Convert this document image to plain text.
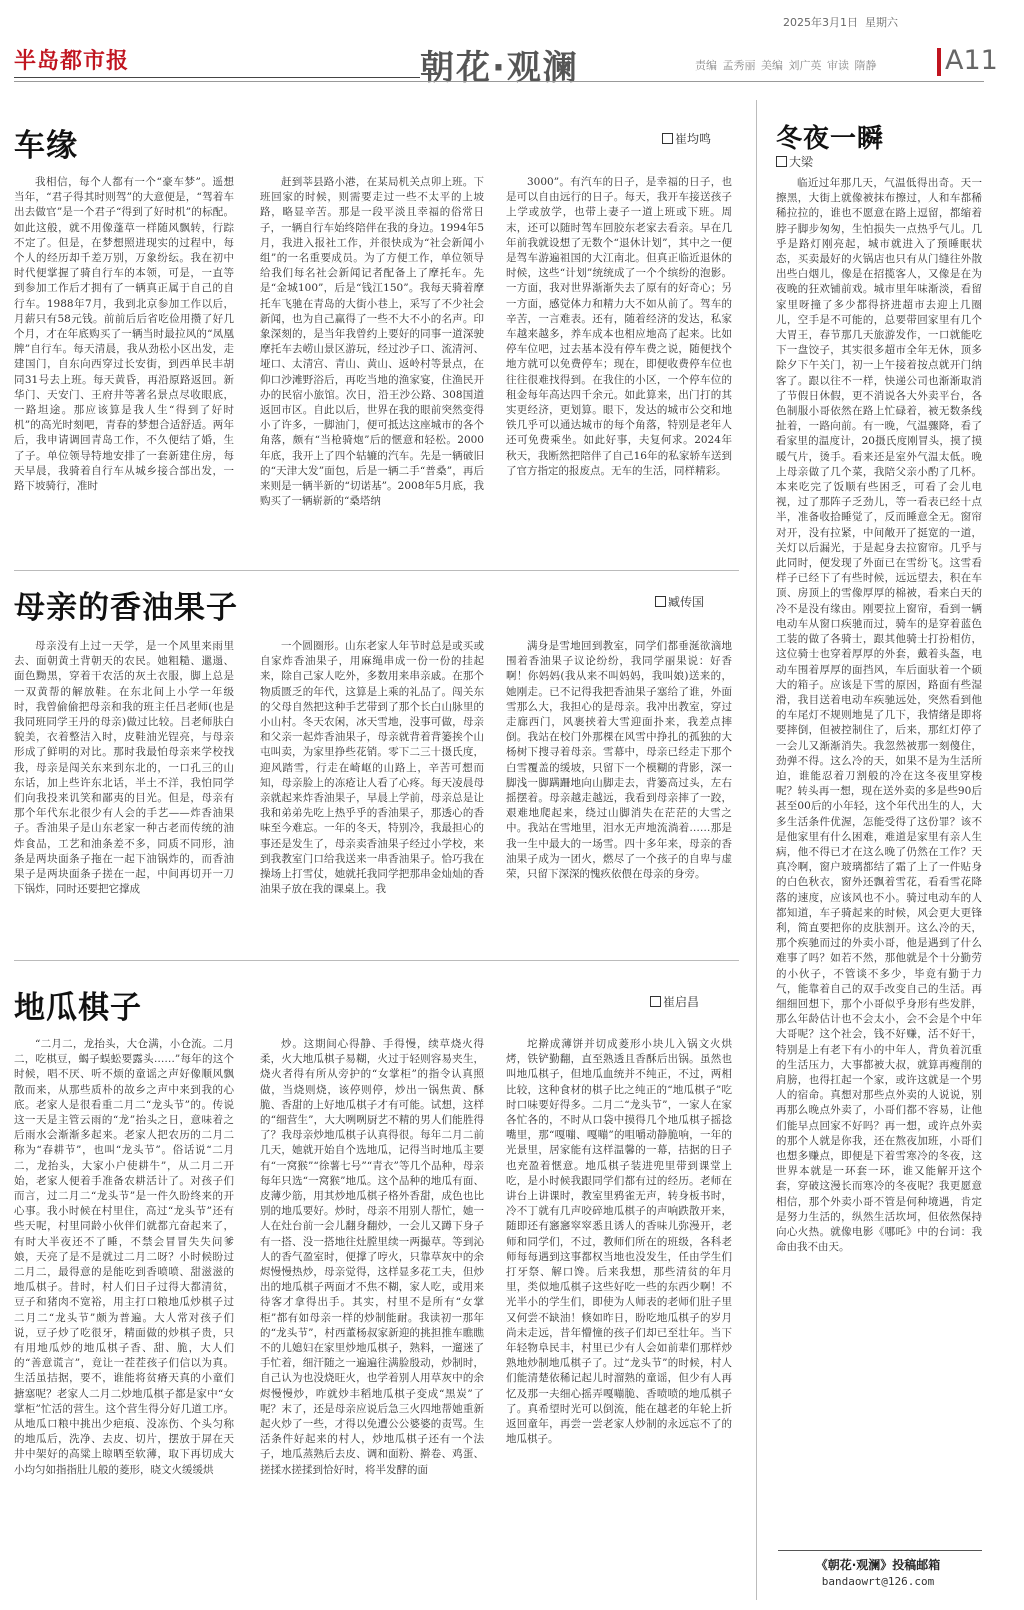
半岛都市报	朝花·观澜
2025年3月1日 星期六
责编 孟秀丽 美编 刘广英 审读 隋静	A11
车缘	崔均鸣

我相信，每个人都有一个“豪车梦”。遥想当年，“君子得其时则驾”的大意便是，“驾着车出去做官”是一个君子“得到了好时机”的标配。如此这般，就不用像蓬草一样随风飘转，行踪不定了。但是，在梦想照进现实的过程中，每个人的经历却千差万别，万象纷纭。我在初中时代便掌握了骑自行车的本领，可是，一直等到参加工作后才拥有了一辆真正属于自己的自行车。1988年7月，我到北京参加工作以后，月薪只有58元钱。前前后后省吃俭用攒了好几个月，才在年底购买了一辆当时最拉风的“凤凰牌”自行车。每天清晨，我从劲松小区出发，走建国门，自东向西穿过长安街，到西单民丰胡同31号去上班。每天黄昏，再沿原路返回。新华门、天安门、王府井等著名景点尽收眼底，一路坦途。那应该算是我人生“得到了好时机”的高光时刻吧，青春的梦想合适舒适。两年后，我申请调回青岛工作，不久便结了婚，生了子。单位领导特地安排了一套新建住房，每天早晨，我骑着自行车从城乡接合部出发，一路下坡骑行，准时

赶到莘县路小港，在某局机关点卯上班。下班回家的时候，则需要走过一些不太平的上坡路，略显辛苦。那是一段平淡且幸福的俗常日子，一辆自行车始终陪伴在我的身边。1994年5月，我进入报社工作，并很快成为“社会新闻小组”的一名重要成员。为了方便工作，单位领导给我们每名社会新闻记者配备上了摩托车。先是“金城100”，后是“钱江150”。我每天骑着摩托车飞驰在青岛的大街小巷上，采写了不少社会新闻，也为自己赢得了一些不大不小的名声。印象深刻的，是当年我曾约上要好的同事一道深驶摩托车去崂山景区游玩，经过沙子口、流清河、垭口、太清宫、青山、黄山、返岭村等景点，在仰口沙滩野浴后，再吃当地的渔家宴，住渔民开办的民宿小旅馆。次日，沿王沙公路、308国道返回市区。自此以后，世界在我的眼前突然变得小了许多，一脚油门，便可抵达这座城市的各个角落，颇有“当枪骑炮”后的惬意和轻松。2000年底，我开上了四个轱辘的汽车。先是一辆破旧的“天津大发”面包，后是一辆二手“普桑”，再后来则是一辆半新的“切诺基”。2008年5月底，我购买了一辆崭新的“桑塔纳

3000”。有汽车的日子，是幸福的日子，也是可以自由远行的日子。每天，我开车接送孩子上学或放学，也带上妻子一道上班或下班。周末，还可以随时驾车回胶东老家去看亲。早在几年前我就设想了无数个“退休计划”，其中之一便是驾车游遍祖国的大江南北。但真正临近退休的时候，这些“计划”统统成了一个个缤纷的泡影。一方面，我对世界渐渐失去了原有的好奇心；另一方面，感觉体力和精力大不如从前了。驾车的辛苦，一言难表。还有，随着经济的发达，私家车越来越多，养车成本也相应地高了起来。比如停车位吧，过去基本没有停车费之说，随便找个地方就可以免费停车；现在，即便收费停车位也往往很难找得到。在我住的小区，一个停车位的租金每年高达四千余元。如此算来，出门打的其实更经济，更划算。眼下，发达的城市公交和地铁几乎可以通达城市的每个角落，特别是老年人还可免费乘坐。如此好事，夫复何求。2024年秋天，我断然把陪伴了自己16年的私家轿车送到了官方指定的报废点。无车的生活，同样精彩。

母亲的香油果子	臧传国

母亲没有上过一天学，是一个风里来雨里去、面朝黄土背朝天的农民。她粗糙、邋遢、面色黝黑，穿着干农活的灰土衣服，脚上总是一双黄帮的解放鞋。在东北间上小学一年级时，我曾偷偷把母亲和我的班主任吕老师(也是我同班同学王丹的母亲)做过比较。吕老师肤白貌美，衣着整洁入时，皮鞋油光锃亮，与母亲形成了鲜明的对比。那时我最怕母亲来学校找我，母亲是闯关东来到东北的，一口孔三的山东话，加上些许东北话，半土不洋，我怕同学们向我投来讥笑和鄙夷的目光。但是，母亲有那个年代东北很少有人会的手艺——炸香油果子。香油果子是山东老家一种古老而传统的油炸食品，工艺和油条差不多，同质不同形，油条是两块面条子拖在一起下油锅炸的，而香油果子是两块面条子搓在一起，中间再切开一刀下锅炸，同时还要把它撑成

一个圆圈形。山东老家人年节时总是或买或自家炸香油果子，用麻绳串成一份一份的挂起来，除自己家人吃外，多数用来串亲戚。在那个物质匮乏的年代，这算是上乘的礼品了。闯关东的父母自然把这种手艺带到了那个长白山脉里的小山村。冬天农闲，冰天雪地，没事可做，母亲和父亲一起炸香油果子，母亲就背着背篓挨个山屯叫卖，为家里挣些花销。零下二三十摄氏度，迎风踏雪，行走在崎岖的山路上，辛苦可想而知，母亲脸上的冻疮让人看了心疼。每天凌晨母亲就起来炸香油果子，早晨上学前，母亲总是让我和弟弟先吃上热乎乎的香油果子，那透心的香味至今难忘。一年的冬天，特别冷，我最担心的事还是发生了，母亲卖香油果子经过小学校，来到我教室门口给我送来一串香油果子。恰巧我在操场上打雪仗，她就托我同学把那串金灿灿的香油果子放在我的课桌上。我

满身是雪地回到教室，同学们都垂涎欲滴地围着香油果子议论纷纷，我同学丽果说：好香啊！你妈妈(我从来不叫妈妈，我叫娘)送来的，她刚走。已不记得我把香油果子塞给了谁，外面雪那么大，我担心的是母亲。我冲出教室，穿过走廊西门，风裹挟着大雪迎面扑来，我差点摔倒。我站在校门外那棵在风雪中挣扎的孤独的大杨树下搜寻着母亲。雪幕中，母亲已经走下那个白雪覆盖的缓坡，只留下一个模糊的背影，深一脚浅一脚蹒跚地向山脚走去，背篓高过头，左右摇摆着。母亲越走越远，我看到母亲摔了一跤，艰难地爬起来，绕过山脚消失在茫茫的大雪之中。我站在雪地里，泪水无声地流淌着……那是我一生中最大的一场雪。四十多年来，母亲的香油果子成为一团火，燃尽了一个孩子的自卑与虚荣，只留下深深的愧疚依偎在母亲的身旁。

地瓜棋子	崔启昌

“二月二，龙抬头，大仓满，小仓流。二月二，吃棋豆，蝎子蜈蚣要露头……”每年的这个时候，唱不厌、听不烦的童谣之声好像顺风飘散而来，从那些质朴的故乡之声中来到我的心底。老家人是很看重二月二“龙头节”的。传说这一天是主管云雨的“龙”抬头之日，意味着之后雨水会渐渐多起来。老家人把农历的二月二称为“春耕节”，也叫“龙头节”。俗话说“二月二，龙抬头，大家小户使耕牛”，从二月二开始，老家人便着手准备农耕活计了。对孩子们而言，过二月二“龙头节”是一件久盼终来的开心事。我小时候在村里住，高过“龙头节”还有些天呢，村里同龄小伙伴们就都亢奋起来了，有时大半夜还不了睡，不禁会冒冒失失问爹娘，天亮了是不是就过二月二呀？小时候盼过二月二，最得意的是能吃到香喷喷、甜滋滋的地瓜棋子。昔时，村人们日子过得大都清贫，豆子和猪肉不宽裕，用主打口粮地瓜炒棋子过二月二“龙头节”颇为普遍。大人常对孩子们说，豆子炒了吃很牙，精面做的炒棋子贵，只有用地瓜炒的地瓜棋子香、甜、脆，大人们的“善意谎言”，竟让一茬茬孩子们信以为真。生活虽拮据，要不，谁能将贫瘠天真的小童们搪塞呢？老家人二月二炒地瓜棋子都是家中“女掌柜”忙活的营生。这个营生得分好几道工序。从地瓜口粮中挑出少疤痕、没冻伤、个头匀称的地瓜后，洗净、去皮、切片，摆放于屏在天井中架好的高粱上晾晒至软薄，取下再切成大小均匀如指指肚儿般的菱形，晓文火缓缓烘

炒。这期间心得静、手得慢，续草烧火得柔，火大地瓜棋子易糊，火过于轻则容易夹生，烧火者得有所从旁护的“女掌柜”的指令认真照做，当烧则烧，该停则停，炒出一锅焦黄、酥脆、香甜的上好地瓜棋子才有可能。试想，这样的“细营生”，大大咧咧厨艺不精的男人们能胜得了？我母亲炒地瓜棋子认真得很。每年二月二前几天，她就开始自个选地瓜，记得当时地瓜主要有“一窝猴”“徐薯七号”“青衣”等几个品种，母亲每年只选“一窝猴”地瓜。这个品种的地瓜有面、皮薄少筋，用其炒地瓜棋子格外香甜，成色也比别的地瓜要好。炒时，母亲不用别人帮忙，她一人在灶台前一会儿翻身翻炒，一会儿又蹲下身子有一搭、没一搭地往灶膛里续一两撮草。等到沁人的香气盈室时，便撑了哼火，只靠草灰中的余烬慢慢热炒，母亲觉得，这样显多花工夫，但炒出的地瓜棋子两面才不焦不糊，家人吃，或用来待客才拿得出手。其实，村里不是所有“女掌柜”都有如母亲一样的炒制能耐。我读初一那年的“龙头节”，村西董杨叔家新迎的挑担推车瞧瞧不的儿媳妇在家里炒地瓜棋子，熟料，一遛迷了手忙着，细汗随之一遍遍往满脸殷动，炒制时，自己认为也没烧旺火，也学着别人用草灰中的余烬慢慢炒，咋就炒丰稻地瓜棋子变成“黑炭”了呢？末了，还是母亲应说后急三火四地帮她重新起火炒了一些，才得以免遭公公婆婆的责骂。生活条件好起来的村人，炒地瓜棋子还有一个法子，地瓜蒸熟后去皮、调和面粉、擀卷、鸡蛋、搓揉水搓揉到恰好时，将半发酵的面

坨擀成薄饼并切成菱形小块儿入锅文火烘烤，铁铲勤翻，直至熟透且香酥后出锅。虽然也叫地瓜棋子，但地瓜血统并不纯正，不过，两相比较，这种食材的棋子比之纯正的“地瓜棋子”吃时口味要好得多。二月二“龙头节”，一家人在家各忙各的，不时从口袋中摸得几个地瓜棋子摇捻嘴里，那“嘎嘣、嘎嘣”的咀嚼动静脆响，一年的光景里，居家能有这样温馨的一幕，拮据的日子也充盈着惬意。地瓜棋子装进兜里带到课堂上吃，是小时候我跟同学们都有过的经历。老师在讲台上讲课时，教室里鸦雀无声，转身板书时，冷不丁就有几声咬碎地瓜棋子的声响跌散开来，随即还有窸窸窣窣悉且诱人的香味儿弥漫开，老师和同学们，不过，教师们所在的班级，各科老师每每遇到这事都权当地也没发生，任由学生们打牙祭、解口馋。后来我想，那些清贫的年月里，类似地瓜棋子这些好吃一些的东西少啊！不光半小的学生们，即使为人师表的老师们肚子里又何尝不缺油！倏如昨日，盼吃地瓜棋子的岁月尚未走远，昔年懵憧的孩子们却已至壮年。当下年轻物阜民丰，村里已少有人会如前辈们那样炒熟地炒制地瓜棋子了。过“龙头节”的时候，村人们能清楚依稀记起儿时溜熟的童谣，但少有人再忆及那一夫细心摇弄嘎嘣脆、香喷喷的地瓜棋子了。真希望时光可以倒流，能在越老的年轮上折返回童年，再尝一尝老家人炒制的永远忘不了的地瓜棋子。

冬夜一瞬
大梁

临近过年那几天，气温低得出奇。天一擦黑，大街上就像被抹布擦过，人和车都稀稀拉拉的，谁也不愿意在路上逗留，都缩着脖子脚步匆匆，生怕损失一点热乎气儿。几乎是路灯刚亮起，城市就进入了预睡眠状态，买卖最好的火锅店也只有从门缝往外散出些白烟儿，像是在招揽客人，又像是在为夜晚的狂欢铺前戏。城市里年味渐淡，看留家里呀撞了多少都得挤进超市去迎上几圈儿，空手是不可能的，总要带回家里有几个大胃王，春节那几天旅游发作，一口就能吃下一盘饺子，其实很多超市全年无休，顶多除夕下午关门，初一上午接着按点就开门纳客了。跟以往不一样，快递公司也渐渐取消了节假日休假，更不消说各大外卖平台，各色制服小哥依然在路上忙碌着，被无数条线扯着，一路向前。有一晚，气温骤降，看了看家里的温度计，20摄氏度刚冒头，摸了摸暖气片，烫手。看来还是室外气温太低。晚上母亲做了几个菜，我陪父亲小酌了几杯。本来吃完了饭顺有些困乏，可看了会儿电视，过了那阵子乏劲儿，等一看表已经十点半，准备收拾睡觉了，反而睡意全无。窗帘对开，没有拉紧，中间敞开了挺宽的一道，关灯以后漏光，于是起身去拉窗帘。几乎与此同时，便发现了外面已在雪纷飞。这雪看样子已经下了有些时候，远远望去，积在车顶、房顶上的雪像厚厚的棉被，看来白天的冷不是没有缘由。刚要拉上窗帘，看到一辆电动车从窗口疾驰而过，骑车的是穿着蓝色工装的做了各骑士，跟其他骑士打扮相仿，这位骑士也穿着厚厚的外套，戴着头盔，电动车围着厚厚的面挡风，车后面驮着一个硕大的箱子。应该是下雪的原因，路面有些湿滑，我目送着电动车疾驰远处，突然看到他的车尾灯不规则地晃了几下，我情绪是即将要摔倒，但被控制住了，后来，那红灯停了一会儿又渐渐消失。我忽然被那一刻傻住，劲弹不得。这么冷的天，如果不是为生活所迫，谁能忍着刀割般的冷在这冬夜里穿梭呢？转头再一想，现在送外卖的多是些90后甚至00后的小年轻，这个年代出生的人，大多生活条件优渥，怎能受得了这份罪？该不是他家里有什么困难，难道是家里有亲人生病，他不得已才在这么晚了仍然在工作？天真冷啊，窗户玻璃都结了霜了上了一件贴身的白色秋衣，窗外还飘着雪花，看看雪花降落的速度，应该风也不小。骑过电动车的人都知道，车子骑起来的时候，风会更大更锋利，简直要把你的皮肤割开。这么冷的天，那个疾驰而过的外卖小哥，他是遇到了什么难事了吗？如若不然，那他就是个十分勤劳的小伙子，不管谈不多少，毕竟有勤于力气，能靠着自己的双手改变自己的生活。再细细回想下，那个小哥似乎身形有些发胖，那么年龄估计也不会太小，会不会是个中年大哥呢？这个社会，钱不好赚，活不好干，特别是上有老下有小的中年人，背负着沉重的生活压力，大事都被大叔，就算再瘦削的肩膀，也得扛起一个家，或许这就是一个男人的宿命。真想对那些点外卖的人说说，别再那么晚点外卖了，小哥们都不容易，让他们能早点回家不好吗？再一想，或许点外卖的那个人就是你我，还在熬夜加班，小哥们也想多赚点，即便是下着雪寒冷的冬夜，这世界本就是一环套一环，谁又能解开这个套，穿破这漫长而寒冷的冬夜呢？我更愿意相信，那个外卖小哥不管是何种境遇，肯定是努力生活的，纵然生活坎坷，但依然保持向心火热。就像电影《哪吒》中的台词：我命由我不由天。

《朝花·观澜》投稿邮箱
bandaowrt@126.com
